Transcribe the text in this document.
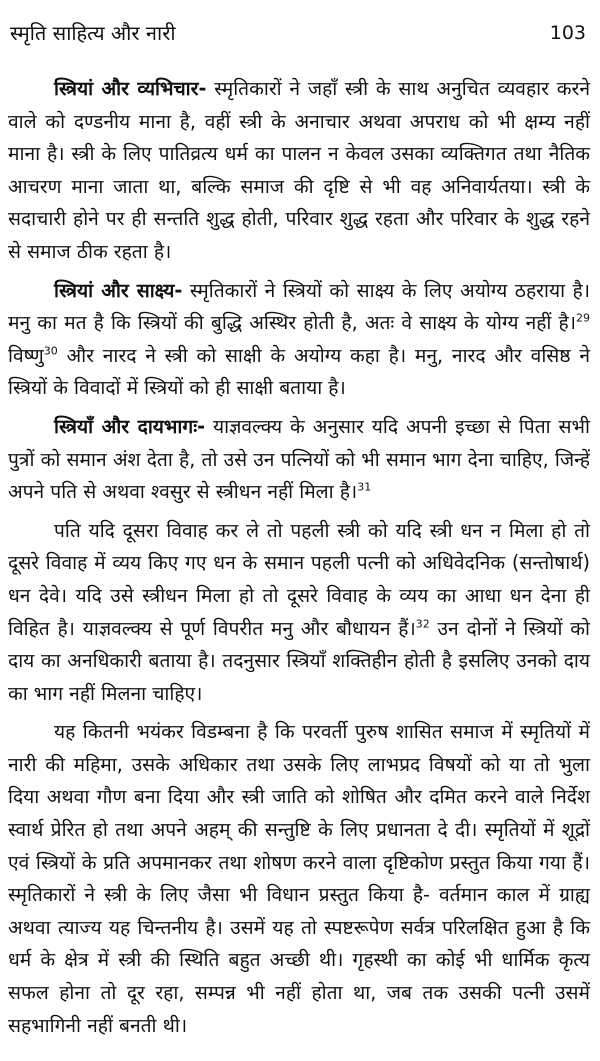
स्मृति साहित्य और नारी	103

स्त्रियां और व्यभिचार- स्मृतिकारों ने जहाँ स्त्री के साथ अनुचित व्यवहार करने वाले को दण्डनीय माना है, वहीं स्त्री के अनाचार अथवा अपराध को भी क्षम्य नहीं माना है। स्त्री के लिए पातिव्रत्य धर्म का पालन न केवल उसका व्यक्तिगत तथा नैतिक आचरण माना जाता था, बल्कि समाज की दृष्टि से भी वह अनिवार्यतया। स्त्री के सदाचारी होने पर ही सन्तति शुद्ध होती, परिवार शुद्ध रहता और परिवार के शुद्ध रहने से समाज ठीक रहता है।

स्त्रियां और साक्ष्य- स्मृतिकारों ने स्त्रियों को साक्ष्य के लिए अयोग्य ठहराया है। मनु का मत है कि स्त्रियों की बुद्धि अस्थिर होती है, अतः वे साक्ष्य के योग्य नहीं है।$^{29}$ विष्णु$^{30}$ और नारद ने स्त्री को साक्षी के अयोग्य कहा है। मनु, नारद और वसिष्ठ ने स्त्रियों के विवादों में स्त्रियों को ही साक्षी बताया है।

स्त्रियाँ और दायभागः- याज्ञवल्क्य के अनुसार यदि अपनी इच्छा से पिता सभी पुत्रों को समान अंश देता है, तो उसे उन पत्नियों को भी समान भाग देना चाहिए, जिन्हें अपने पति से अथवा श्वसुर से स्त्रीधन नहीं मिला है।$^{31}$

पति यदि दूसरा विवाह कर ले तो पहली स्त्री को यदि स्त्री धन न मिला हो तो दूसरे विवाह में व्यय किए गए धन के समान पहली पत्नी को अधिवेदनिक (सन्तोषार्थ) धन देवे। यदि उसे स्त्रीधन मिला हो तो दूसरे विवाह के व्यय का आधा धन देना ही विहित है। याज्ञवल्क्य से पूर्ण विपरीत मनु और बौधायन हैं।$^{32}$ उन दोनों ने स्त्रियों को दाय का अनधिकारी बताया है। तदनुसार स्त्रियाँ शक्तिहीन होती है इसलिए उनको दाय का भाग नहीं मिलना चाहिए।

यह कितनी भयंकर विडम्बना है कि परवर्ती पुरुष शासित समाज में स्मृतियों में नारी की महिमा, उसके अधिकार तथा उसके लिए लाभप्रद विषयों को या तो भुला दिया अथवा गौण बना दिया और स्त्री जाति को शोषित और दमित करने वाले निर्देश स्वार्थ प्रेरित हो तथा अपने अहम् की सन्तुष्टि के लिए प्रधानता दे दी। स्मृतियों में शूद्रों एवं स्त्रियों के प्रति अपमानकर तथा शोषण करने वाला दृष्टिकोण प्रस्तुत किया गया हैं। स्मृतिकारों ने स्त्री के लिए जैसा भी विधान प्रस्तुत किया है- वर्तमान काल में ग्राह्य अथवा त्याज्य यह चिन्तनीय है। उसमें यह तो स्पष्टरूपेण सर्वत्र परिलक्षित हुआ है कि धर्म के क्षेत्र में स्त्री की स्थिति बहुत अच्छी थी। गृहस्थी का कोई भी धार्मिक कृत्य सफल होना तो दूर रहा, सम्पन्न भी नहीं होता था, जब तक उसकी पत्नी उसमें सहभागिनी नहीं बनती थी।
